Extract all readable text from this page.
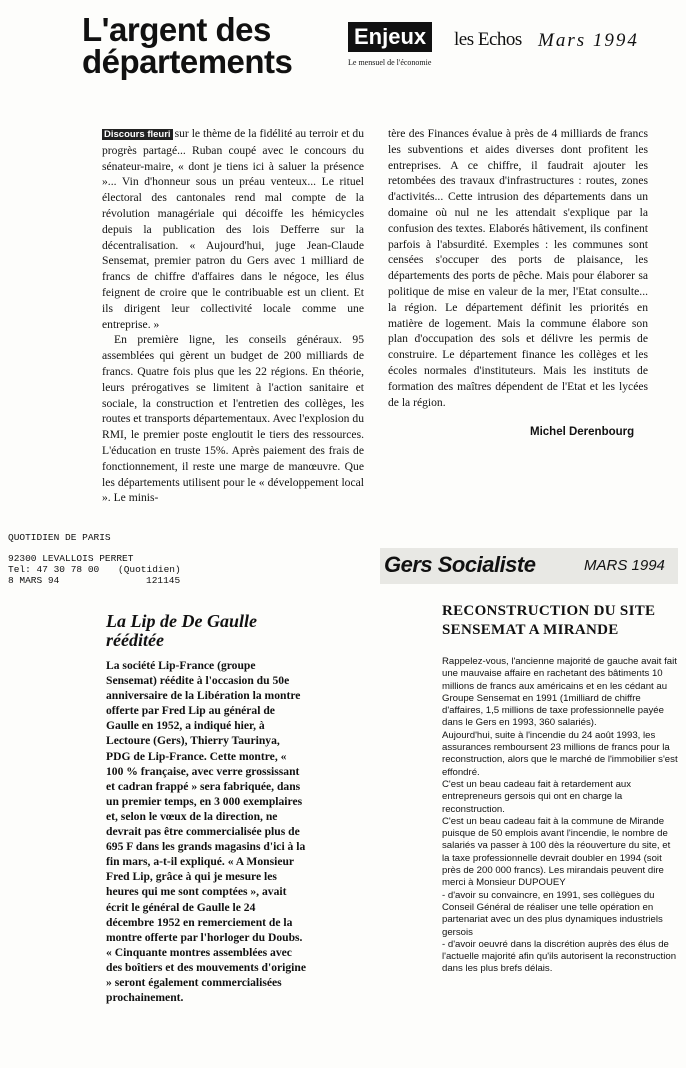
L'argent des
départements
Enjeux	les Echos Mars 1994
Le mensuel de l'économie

Discours fleuri sur le thème de la fidélité au terroir et du progrès partagé... Ruban coupé avec le concours du sénateur-maire, « dont je tiens ici à saluer la présence »... Vin d'honneur sous un préau venteux... Le rituel électoral des cantonales rend mal compte de la révolution managériale qui décoiffe les hémicycles depuis la publication des lois Defferre sur la décentralisation. « Aujourd'hui, juge Jean-Claude Sensemat, premier patron du Gers avec 1 milliard de francs de chiffre d'affaires dans le négoce, les élus feignent de croire que le contribuable est un client. Et ils dirigent leur collectivité locale comme une entreprise. »

En première ligne, les conseils généraux. 95 assemblées qui gèrent un budget de 200 milliards de francs. Quatre fois plus que les 22 régions. En théorie, leurs prérogatives se limitent à l'action sanitaire et sociale, la construction et l'entretien des collèges, les routes et transports départementaux. Avec l'explosion du RMI, le premier poste engloutit le tiers des ressources. L'éducation en truste 15%. Après paiement des frais de fonctionnement, il reste une marge de manœuvre. Que les départements utilisent pour le « développement local ». Le minis-

tère des Finances évalue à près de 4 milliards de francs les subventions et aides diverses dont profitent les entreprises. A ce chiffre, il faudrait ajouter les retombées des travaux d'infrastructures : routes, zones d'activités... Cette intrusion des départements dans un domaine où nul ne les attendait s'explique par la confusion des textes. Elaborés hâtivement, ils confinent parfois à l'absurdité. Exemples : les communes sont censées s'occuper des ports de plaisance, les départements des ports de pêche. Mais pour élaborer sa politique de mise en valeur de la mer, l'Etat consulte... la région. Le département définit les priorités en matière de logement. Mais la commune élabore son plan d'occupation des sols et délivre les permis de construire. Le département finance les collèges et les écoles normales d'instituteurs. Mais les instituts de formation des maîtres dépendent de l'Etat et les lycées de la région.

Michel Derenbourg
QUOTIDIEN DE PARIS
92300 LEVALLOIS PERRET
Tel: 47 30 78 00 (Quotidien)
8 MARS 94	121145
Gers Socialiste	MARS 1994
La Lip de De Gaulle
rééditée

La société Lip-France (groupe Sensemat) réédite à l'occasion du 50e anniversaire de la Libération la montre offerte par Fred Lip au général de Gaulle en 1952, a indiqué hier, à Lectoure (Gers), Thierry Taurinya, PDG de Lip-France. Cette montre, « 100 % française, avec verre grossissant et cadran frappé » sera fabriquée, dans un premier temps, en 3 000 exemplaires et, selon le vœux de la direction, ne devrait pas être commercialisée plus de 695 F dans les grands magasins d'ici à la fin mars, a-t-il expliqué. « A Monsieur Fred Lip, grâce à qui je mesure les heures qui me sont comptées », avait écrit le général de Gaulle le 24 décembre 1952 en remerciement de la montre offerte par l'horloger du Doubs. « Cinquante montres assemblées avec des boîtiers et des mouvements d'origine » seront également commercialisées prochainement.

RECONSTRUCTION DU SITE
SENSEMAT A MIRANDE

Rappelez-vous, l'ancienne majorité de gauche avait fait une mauvaise affaire en rachetant des bâtiments 10 millions de francs aux américains et en les cédant au Groupe Sensemat en 1991 (1milliard de chiffre d'affaires, 1,5 millions de taxe professionnelle payée dans le Gers en 1993, 360 salariés).

Aujourd'hui, suite à l'incendie du 24 août 1993, les assurances remboursent 23 millions de francs pour la reconstruction, alors que le marché de l'immobilier s'est effondré.

C'est un beau cadeau fait à retardement aux entrepreneurs gersois qui ont en charge la reconstruction.

C'est un beau cadeau fait à la commune de Mirande puisque de 50 emplois avant l'incendie, le nombre de salariés va passer à 100 dès la réouverture du site, et la taxe professionnelle devrait doubler en 1994 (soit près de 200 000 francs). Les mirandais peuvent dire merci à Monsieur DUPOUEY

- d'avoir su convaincre, en 1991, ses collègues du Conseil Général de réaliser une telle opération en partenariat avec un des plus dynamiques industriels gersois

- d'avoir oeuvré dans la discrétion auprès des élus de l'actuelle majorité afin qu'ils autorisent la reconstruction dans les plus brefs délais.
